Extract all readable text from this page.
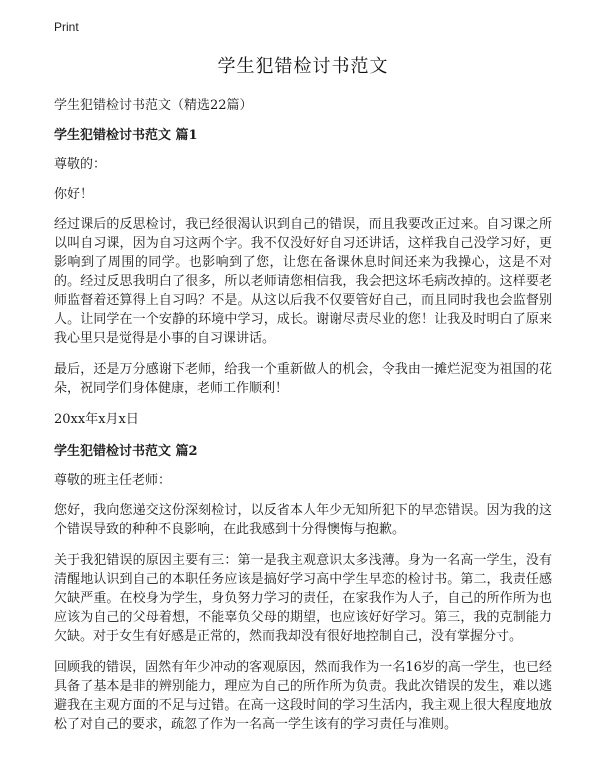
Print
学生犯错检讨书范文

学生犯错检讨书范文（精选22篇）

学生犯错检讨书范文 篇1

尊敬的：

你好！

经过课后的反思检讨，我已经很渴认识到自己的错误，而且我要改正过来。自习课之所以叫自习课，因为自习这两个字。我不仅没好好自习还讲话，这样我自己没学习好，更影响到了周围的同学。也影响到了您，让您在备课休息时间还来为我操心，这是不对的。经过反思我明白了很多，所以老师请您相信我，我会把这坏毛病改掉的。这样要老师监督着还算得上自习吗？不是。从这以后我不仅要管好自己，而且同时我也会监督别人。让同学在一个安静的环境中学习，成长。谢谢尽责尽业的您！让我及时明白了原来我心里只是觉得是小事的自习课讲话。

最后，还是万分感谢下老师，给我一个重新做人的机会，令我由一摊烂泥变为祖国的花朵，祝同学们身体健康，老师工作顺利！

20xx年x月x日

学生犯错检讨书范文 篇2

尊敬的班主任老师：

您好，我向您递交这份深刻检讨，以反省本人年少无知所犯下的早恋错误。因为我的这个错误导致的种种不良影响，在此我感到十分得懊悔与抱歉。

关于我犯错误的原因主要有三：第一是我主观意识太多浅薄。身为一名高一学生，没有清醒地认识到自己的本职任务应该是搞好学习高中学生早恋的检讨书。第二，我责任感欠缺严重。在校身为学生，身负努力学习的责任，在家我作为人子，自己的所作所为也应该为自己的父母着想，不能辜负父母的期望，也应该好好学习。第三，我的克制能力欠缺。对于女生有好感是正常的，然而我却没有很好地控制自己，没有掌握分寸。

回顾我的错误，固然有年少冲动的客观原因，然而我作为一名16岁的高一学生，也已经具备了基本是非的辨别能力，理应为自己的所作所为负责。我此次错误的发生，难以逃避我在主观方面的不足与过错。在高一这段时间的学习生活内，我主观上很大程度地放松了对自己的要求，疏忽了作为一名高一学生该有的学习责任与准则。
